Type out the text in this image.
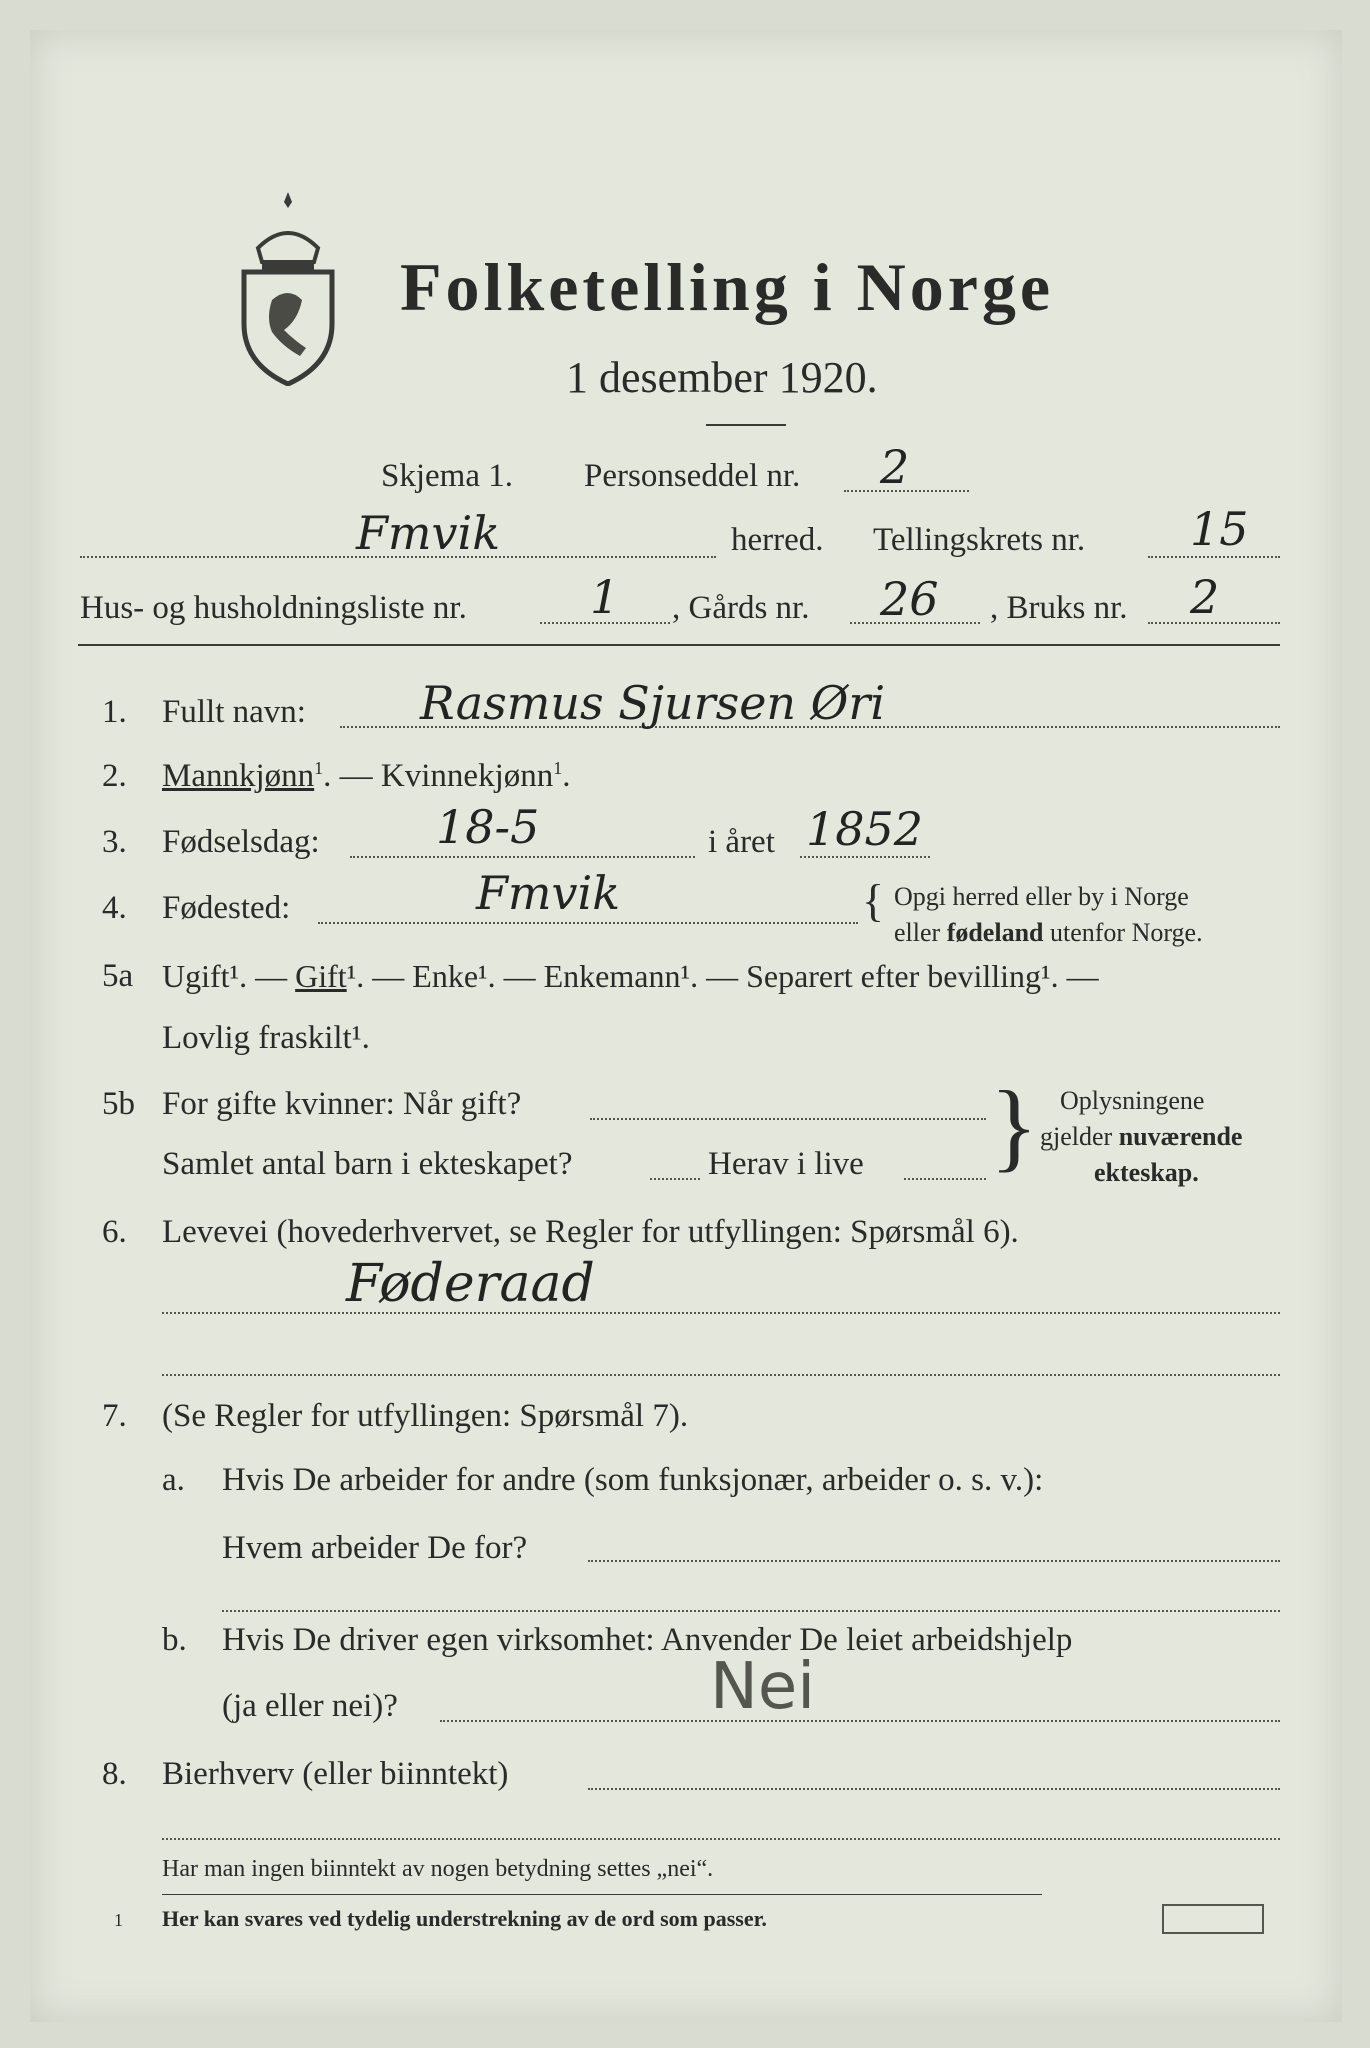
Folketelling i Norge
1 desember 1920.
Skjema 1. Personseddel nr. 2
Fmvik	herred. Tellingskrets nr. 15
Hus- og husholdningsliste nr.	1 , Gårds nr. 26 , Bruks nr. 2
1. Fullt navn: Rasmus Sjursen Øri
2. Mannkjønn$^1$. — Kvinnekjønn$^1$.
3. Fødselsdag:	18-5	i året 1852
4. Fødested:	Fmvik	{ Opgi herred eller by i Norge
eller fødeland utenfor Norge.
5a Ugift¹. — Gift¹. — Enke¹. — Enkemann¹. — Separert efter bevilling¹. —
Lovlig fraskilt¹.
5b For gifte kvinner: Når gift?
Samlet antal barn i ekteskapet?	Herav i live } Oplysningene
gjelder nuværende
ekteskap.
6. Levevei (hovederhvervet, se Regler for utfyllingen: Spørsmål 6).
Føderaad
7. (Se Regler for utfyllingen: Spørsmål 7).
a. Hvis De arbeider for andre (som funksjonær, arbeider o. s. v.):
Hvem arbeider De for?
b. Hvis De driver egen virksomhet: Anvender De leiet arbeidshjelp
(ja eller nei)?	Nei
8. Bierhverv (eller biinntekt)
Har man ingen biinntekt av nogen betydning settes „nei“.
1 Her kan svares ved tydelig understrekning av de ord som passer.
